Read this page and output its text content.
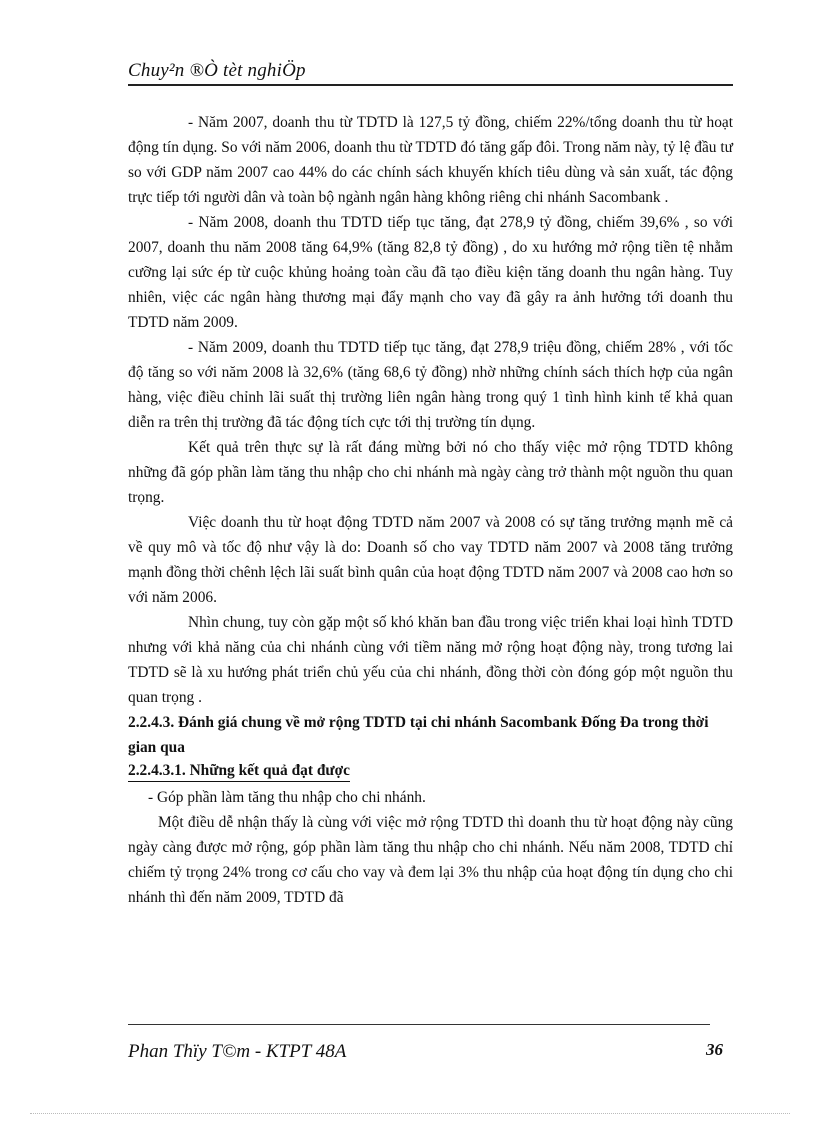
Chuy²n ®Ò tèt nghiÖp

- Năm 2007, doanh thu từ TDTD là 127,5 tỷ đồng, chiếm 22%/tổng doanh thu từ hoạt động tín dụng. So với năm 2006, doanh thu từ TDTD đó tăng gấp đôi. Trong năm này, tỷ lệ đầu tư so với GDP năm 2007 cao 44% do các chính sách khuyến khích tiêu dùng và sản xuất, tác động trực tiếp tới người dân và toàn bộ ngành ngân hàng không riêng chi nhánh Sacombank .

- Năm 2008, doanh thu TDTD tiếp tục tăng, đạt 278,9 tỷ đồng, chiếm 39,6% , so với 2007, doanh thu năm 2008 tăng 64,9% (tăng 82,8 tỷ đồng) , do xu hướng mở rộng tiền tệ nhằm cưỡng lại sức ép từ cuộc khủng hoảng toàn cầu đã tạo điều kiện tăng doanh thu ngân hàng. Tuy nhiên, việc các ngân hàng thương mại đẩy mạnh cho vay đã gây ra ảnh hưởng tới doanh thu TDTD năm 2009.

- Năm 2009, doanh thu TDTD tiếp tục tăng, đạt 278,9 triệu đồng, chiếm 28% , với tốc độ tăng so với năm 2008 là 32,6% (tăng 68,6 tỷ đồng) nhờ những chính sách thích hợp của ngân hàng, việc điều chỉnh lãi suất thị trường liên ngân hàng trong quý 1 tình hình kinh tế khả quan diễn ra trên thị trường đã tác động tích cực tới thị trường tín dụng.

Kết quả trên thực sự là rất đáng mừng bởi nó cho thấy việc mở rộng TDTD không những đã góp phần làm tăng thu nhập cho chi nhánh mà ngày càng trở thành một nguồn thu quan trọng.

Việc doanh thu từ hoạt động TDTD năm 2007 và 2008 có sự tăng trưởng mạnh mẽ cả về quy mô và tốc độ như vậy là do: Doanh số cho vay TDTD năm 2007 và 2008 tăng trưởng mạnh đồng thời chênh lệch lãi suất bình quân của hoạt động TDTD năm 2007 và 2008 cao hơn so với năm 2006.

Nhìn chung, tuy còn gặp một số khó khăn ban đầu trong việc triển khai loại hình TDTD nhưng với khả năng của chi nhánh cùng với tiềm năng mở rộng hoạt động này, trong tương lai TDTD sẽ là xu hướng phát triển chủ yếu của chi nhánh, đồng thời còn đóng góp một nguồn thu quan trọng .

2.2.4.3. Đánh giá chung về mở rộng TDTD tại chi nhánh Sacombank Đống Đa trong thời gian qua

2.2.4.3.1. Những kết quả đạt được

- Góp phần làm tăng thu nhập cho chi nhánh.

Một điều dễ nhận thấy là cùng với việc mở rộng TDTD thì doanh thu từ hoạt động này cũng ngày càng được mở rộng, góp phần làm tăng thu nhập cho chi nhánh. Nếu năm 2008, TDTD chỉ chiếm tỷ trọng 24% trong cơ cấu cho vay và đem lại 3% thu nhập của hoạt động tín dụng cho chi nhánh thì đến năm 2009, TDTD đã

Phan Thïy T©m - KTPT 48A	36
